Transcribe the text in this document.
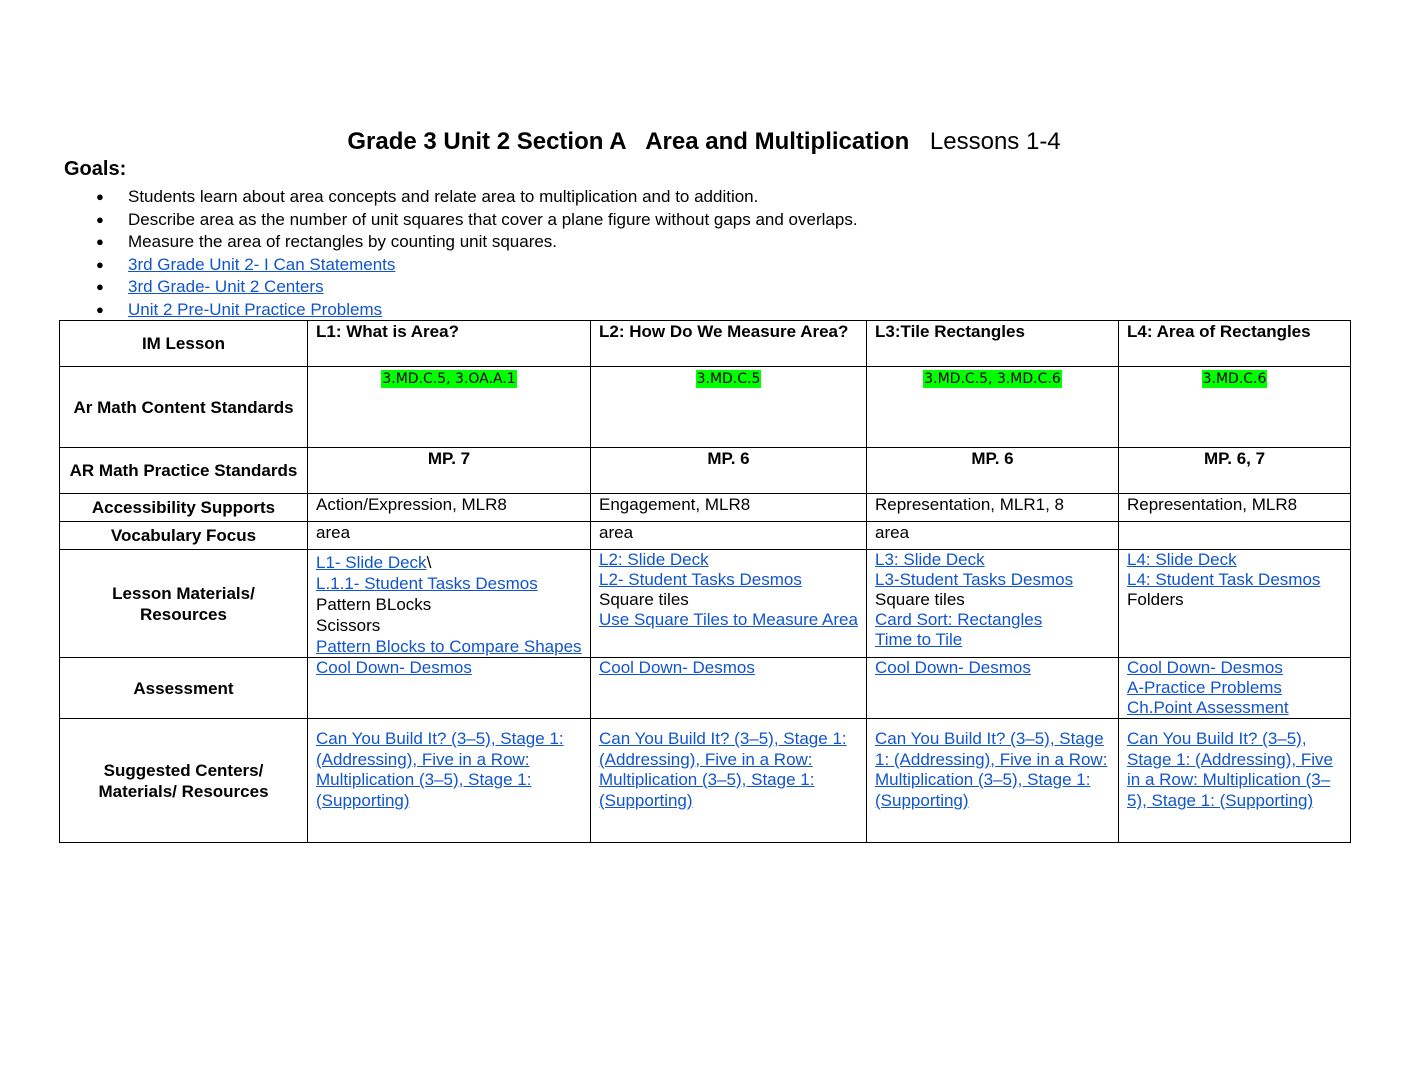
Grade 3 Unit 2 Section A Area and Multiplication Lessons 1-4
Goals:
● Students learn about area concepts and relate area to multiplication and to addition.
● Describe area as the number of unit squares that cover a plane figure without gaps and overlaps.
● Measure the area of rectangles by counting unit squares.
● 3rd Grade Unit 2- I Can Statements
● 3rd Grade- Unit 2 Centers
● Unit 2 Pre-Unit Practice Problems
IM Lesson	L1: What is Area?	L2: How Do We Measure Area?	L3:Tile Rectangles	L4: Area of Rectangles
Ar Math Content Standards	3.MD.C.5, 3.OA.A.1	3.MD.C.5	3.MD.C.5, 3.MD.C.6	3.MD.C.6
AR Math Practice Standards	MP. 7	MP. 6	MP. 6	MP. 6, 7
Accessibility Supports	Action/Expression, MLR8	Engagement, MLR8	Representation, MLR1, 8	Representation, MLR8
Vocabulary Focus	area	area	area	
Lesson Materials/ Resources	L1- Slide Deck\
L.1.1- Student Tasks Desmos
Pattern BLocks
Scissors
Pattern Blocks to Compare Shapes	L2: Slide Deck
L2- Student Tasks Desmos
Square tiles
Use Square Tiles to Measure Area	L3: Slide Deck
L3-Student Tasks Desmos
Square tiles
Card Sort: Rectangles
Time to Tile	L4: Slide Deck
L4: Student Task Desmos
Folders

Assessment	Cool Down- Desmos	Cool Down- Desmos	Cool Down- Desmos	Cool Down- Desmos
A-Practice Problems
Ch.Point Assessment

Suggested Centers/ Materials/ Resources	Can You Build It? (3–5), Stage 1: (Addressing), Five in a Row: Multiplication (3–5), Stage 1: (Supporting)	Can You Build It? (3–5), Stage 1: (Addressing), Five in a Row: Multiplication (3–5), Stage 1: (Supporting)	Can You Build It? (3–5), Stage 1: (Addressing), Five in a Row: Multiplication (3–5), Stage 1: (Supporting)	Can You Build It? (3–5), Stage 1: (Addressing), Five in a Row: Multiplication (3–5), Stage 1: (Supporting)
